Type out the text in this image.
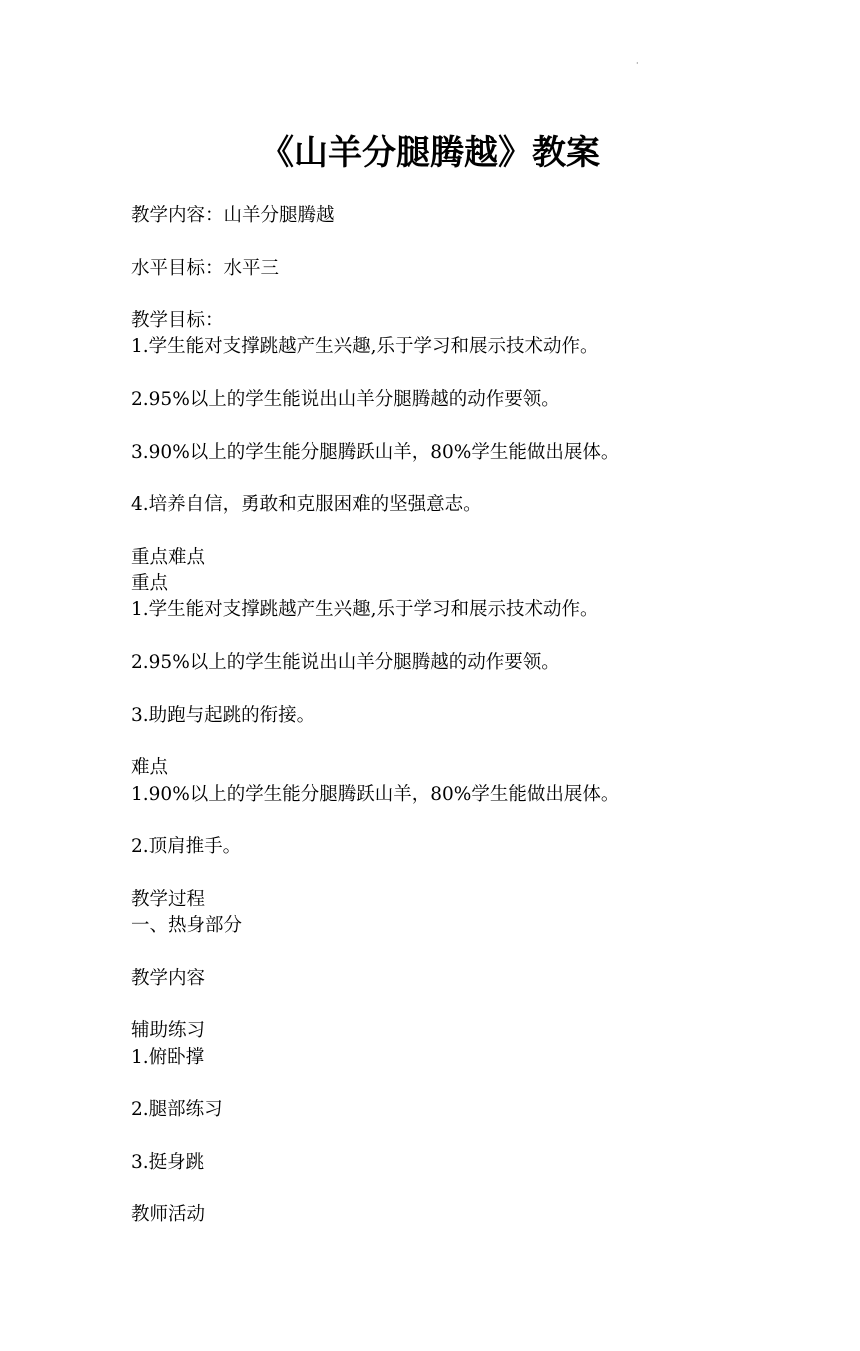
·
《山羊分腿腾越》教案
教学内容：山羊分腿腾越
水平目标：水平三
教学目标：
1.学生能对支撑跳越产生兴趣,乐于学习和展示技术动作。
2.95%以上的学生能说出山羊分腿腾越的动作要领。
3.90%以上的学生能分腿腾跃山羊，80%学生能做出展体。
4.培养自信，勇敢和克服困难的坚强意志。
重点难点
重点
1.学生能对支撑跳越产生兴趣,乐于学习和展示技术动作。
2.95%以上的学生能说出山羊分腿腾越的动作要领。
3.助跑与起跳的衔接。
难点
1.90%以上的学生能分腿腾跃山羊，80%学生能做出展体。
2.顶肩推手。
教学过程
一、热身部分
教学内容
辅助练习
1.俯卧撑
2.腿部练习
3.挺身跳
教师活动
